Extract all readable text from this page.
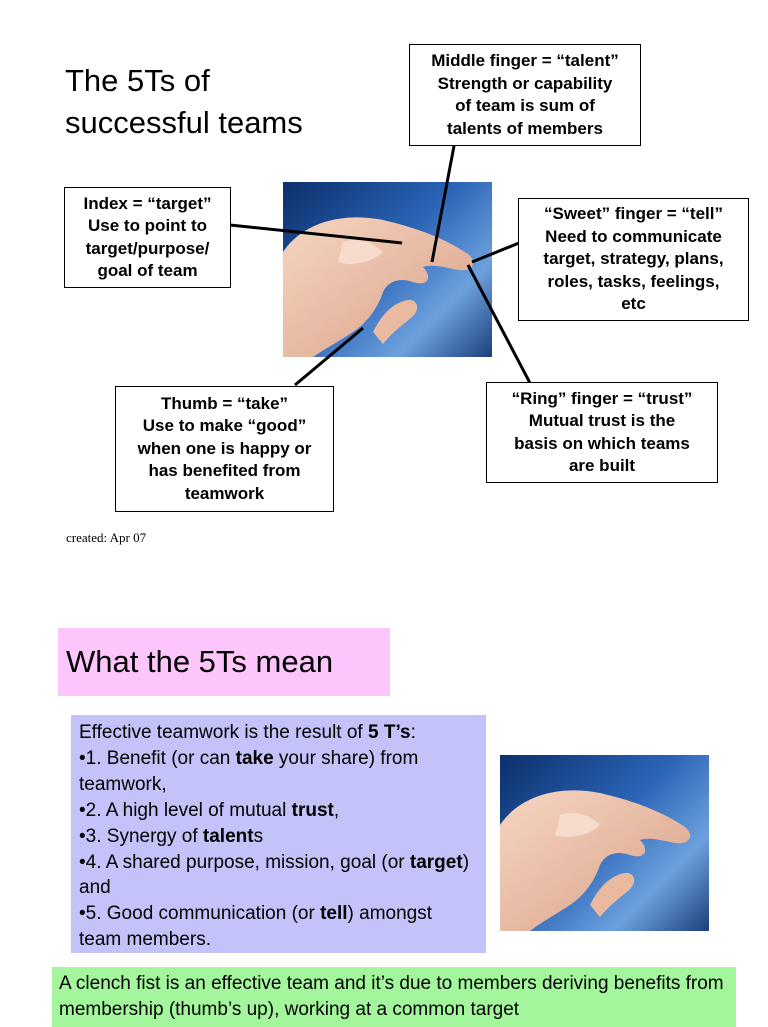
The 5Ts of
successful teams
Middle finger = “talent”
Strength or capability
of team is sum of
talents of members
Index = “target”
Use to point to
target/purpose/
goal of team
“Sweet” finger = “tell”
Need to communicate
target, strategy, plans,
roles, tasks, feelings,
etc
Thumb = “take”
Use to make “good”
when one is happy or
has benefited from
teamwork
“Ring” finger = “trust”
Mutual trust is the
basis on which teams
are built
created: Apr 07
What the 5Ts mean
Effective teamwork is the result of 5 T’s:
•1. Benefit (or can take your share) from teamwork,
•2. A high level of mutual trust,
•3. Synergy of talents
•4. A shared purpose, mission, goal (or target) and
•5. Good communication (or tell) amongst team members.
A clench fist is an effective team and it’s due to members deriving benefits from membership (thumb’s up), working at a common target
